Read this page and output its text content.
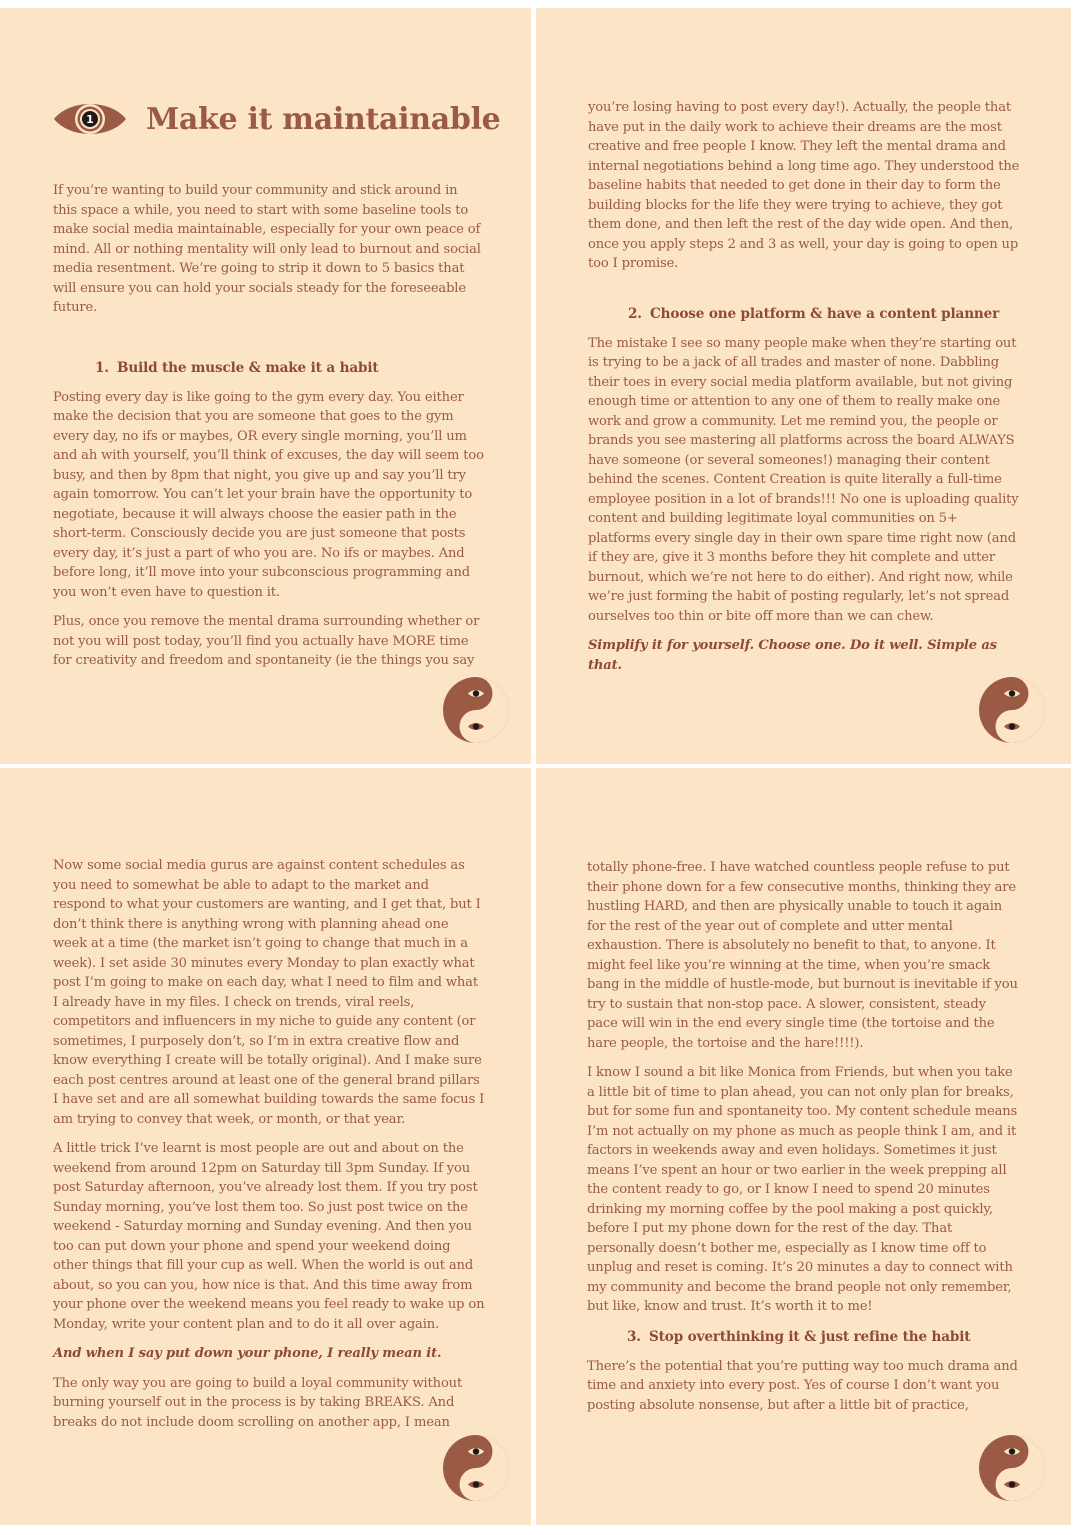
1 Make it maintainable

If you’re wanting to build your community and stick around in this space a while, you need to start with some baseline tools to make social media maintainable, especially for your own peace of mind. All or nothing mentality will only lead to burnout and social media resentment. We’re going to strip it down to 5 basics that will ensure you can hold your socials steady for the foreseeable future.

1. Build the muscle & make it a habit

Posting every day is like going to the gym every day. You either make the decision that you are someone that goes to the gym every day, no ifs or maybes, OR every single morning, you’ll um and ah with yourself, you’ll think of excuses, the day will seem too busy, and then by 8pm that night, you give up and say you’ll try again tomorrow. You can’t let your brain have the opportunity to negotiate, because it will always choose the easier path in the short-term. Consciously decide you are just someone that posts every day, it’s just a part of who you are. No ifs or maybes. And before long, it’ll move into your subconscious programming and you won’t even have to question it.

Plus, once you remove the mental drama surrounding whether or not you will post today, you’ll find you actually have MORE time for creativity and freedom and spontaneity (ie the things you say

you’re losing having to post every day!). Actually, the people that have put in the daily work to achieve their dreams are the most creative and free people I know. They left the mental drama and internal negotiations behind a long time ago. They understood the baseline habits that needed to get done in their day to form the building blocks for the life they were trying to achieve, they got them done, and then left the rest of the day wide open. And then, once you apply steps 2 and 3 as well, your day is going to open up too I promise.

2. Choose one platform & have a content planner

The mistake I see so many people make when they’re starting out is trying to be a jack of all trades and master of none. Dabbling their toes in every social media platform available, but not giving enough time or attention to any one of them to really make one work and grow a community. Let me remind you, the people or brands you see mastering all platforms across the board ALWAYS have someone (or several someones!) managing their content behind the scenes. Content Creation is quite literally a full-time employee position in a lot of brands!!! No one is uploading quality content and building legitimate loyal communities on 5+ platforms every single day in their own spare time right now (and if they are, give it 3 months before they hit complete and utter burnout, which we’re not here to do either). And right now, while we’re just forming the habit of posting regularly, let’s not spread ourselves too thin or bite off more than we can chew.

Simplify it for yourself. Choose one. Do it well. Simple as that.

Now some social media gurus are against content schedules as you need to somewhat be able to adapt to the market and respond to what your customers are wanting, and I get that, but I don’t think there is anything wrong with planning ahead one week at a time (the market isn’t going to change that much in a week). I set aside 30 minutes every Monday to plan exactly what post I’m going to make on each day, what I need to film and what I already have in my files. I check on trends, viral reels, competitors and influencers in my niche to guide any content (or sometimes, I purposely don’t, so I’m in extra creative flow and know everything I create will be totally original). And I make sure each post centres around at least one of the general brand pillars I have set and are all somewhat building towards the same focus I am trying to convey that week, or month, or that year.

A little trick I’ve learnt is most people are out and about on the weekend from around 12pm on Saturday till 3pm Sunday. If you post Saturday afternoon, you’ve already lost them. If you try post Sunday morning, you’ve lost them too. So just post twice on the weekend - Saturday morning and Sunday evening. And then you too can put down your phone and spend your weekend doing other things that fill your cup as well. When the world is out and about, so you can you, how nice is that. And this time away from your phone over the weekend means you feel ready to wake up on Monday, write your content plan and to do it all over again.

And when I say put down your phone, I really mean it.

The only way you are going to build a loyal community without burning yourself out in the process is by taking BREAKS. And breaks do not include doom scrolling on another app, I mean

totally phone-free. I have watched countless people refuse to put their phone down for a few consecutive months, thinking they are hustling HARD, and then are physically unable to touch it again for the rest of the year out of complete and utter mental exhaustion. There is absolutely no benefit to that, to anyone. It might feel like you’re winning at the time, when you’re smack bang in the middle of hustle-mode, but burnout is inevitable if you try to sustain that non-stop pace. A slower, consistent, steady pace will win in the end every single time (the tortoise and the hare people, the tortoise and the hare!!!!).

I know I sound a bit like Monica from Friends, but when you take a little bit of time to plan ahead, you can not only plan for breaks, but for some fun and spontaneity too. My content schedule means I’m not actually on my phone as much as people think I am, and it factors in weekends away and even holidays. Sometimes it just means I’ve spent an hour or two earlier in the week prepping all the content ready to go, or I know I need to spend 20 minutes drinking my morning coffee by the pool making a post quickly, before I put my phone down for the rest of the day. That personally doesn’t bother me, especially as I know time off to unplug and reset is coming. It’s 20 minutes a day to connect with my community and become the brand people not only remember, but like, know and trust. It’s worth it to me!

3. Stop overthinking it & just refine the habit

There’s the potential that you’re putting way too much drama and time and anxiety into every post. Yes of course I don’t want you posting absolute nonsense, but after a little bit of practice,
